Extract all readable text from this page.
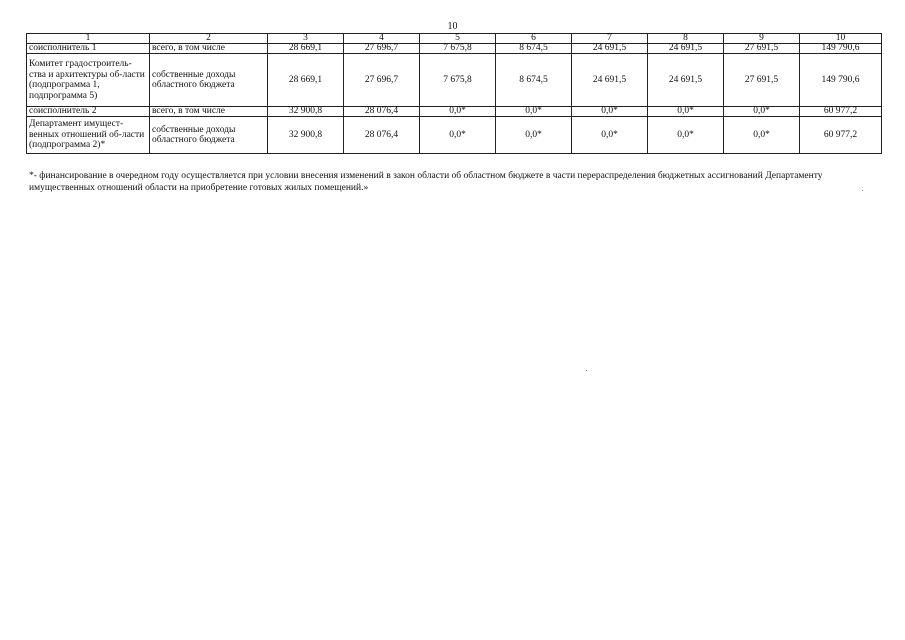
10
1	2	3	4	5	6	7	8	9	10
соисполнитель 1	всего, в том числе	28 669,1	27 696,7	7 675,8	8 674,5	24 691,5	24 691,5	27 691,5	149 790,6
Комитет градостроитель-ства и архитектуры об-ласти (подпрограмма 1, подпрограмма 5)	собственные доходы областного бюджета	28 669,1	27 696,7	7 675,8	8 674,5	24 691,5	24 691,5	27 691,5	149 790,6
соисполнитель 2	всего, в том числе	32 900,8	28 076,4	0,0*	0,0*	0,0*	0,0*	0,0*	60 977,2
Департамент имущест-венных отношений об-ласти (подпрограмма 2)*	собственные доходы областного бюджета	32 900,8	28 076,4	0,0*	0,0*	0,0*	0,0*	0,0*	60 977,2
*- финансирование в очередном году осуществляется при условии внесения изменений в закон области об областном бюджете в части перераспределения бюджетных ассигнований Департаменту имущественных отношений области на приобретение готовых жилых помещений.»
